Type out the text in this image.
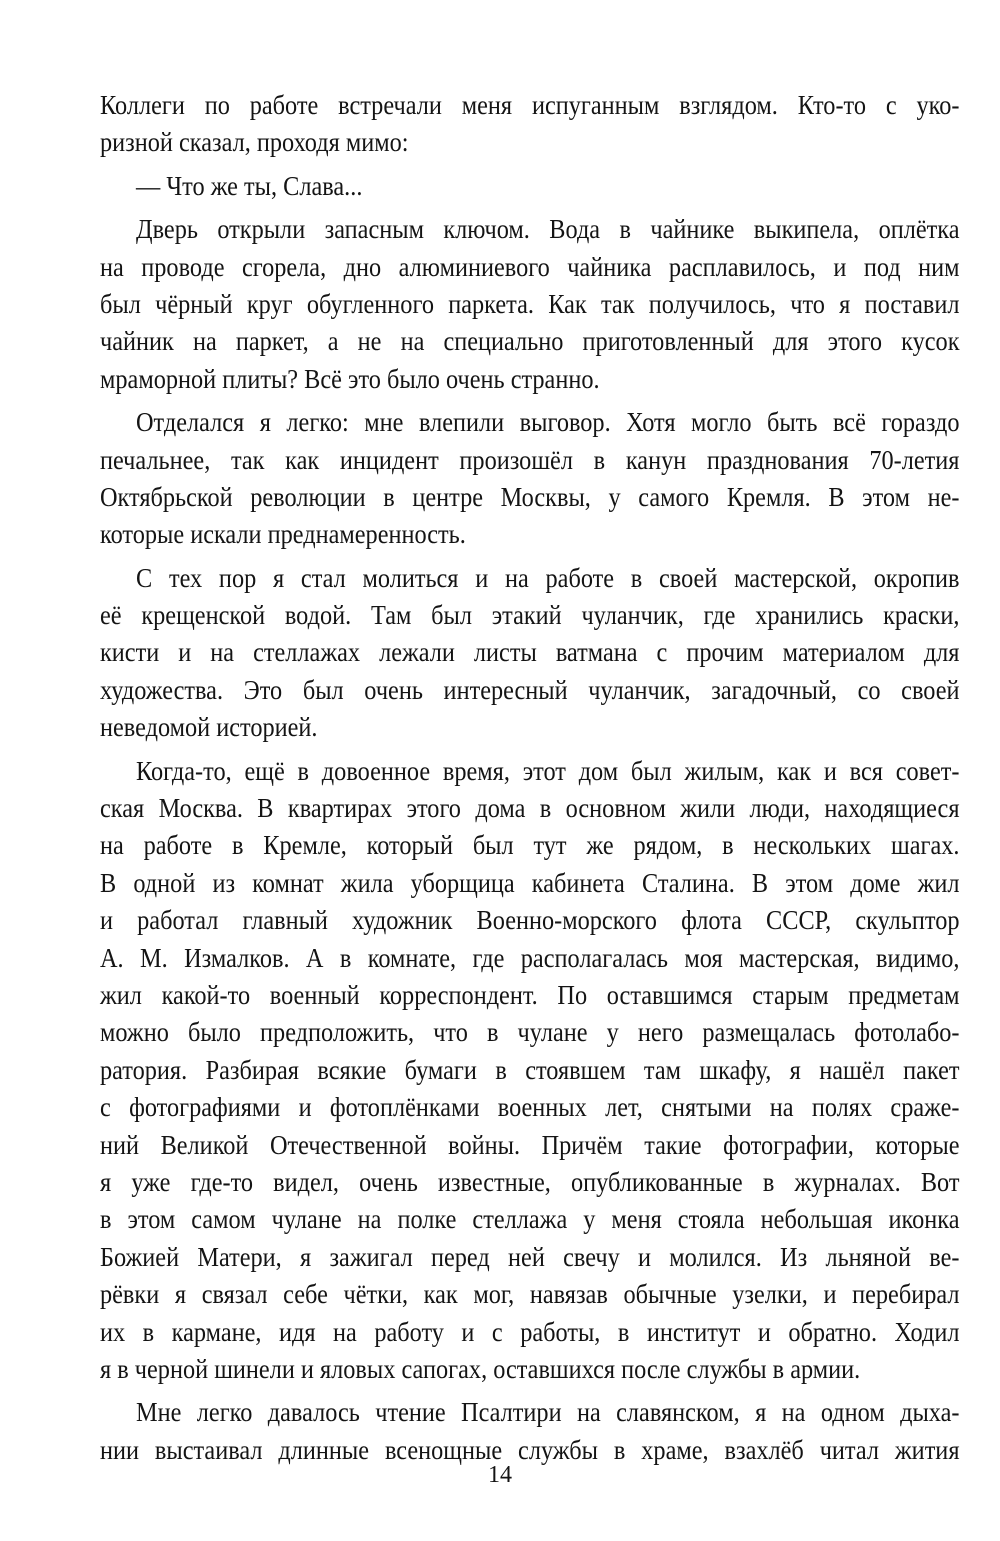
Коллеги по работе встречали меня испуганным взглядом. Кто-то с уко-
ризной сказал, проходя мимо:
— Что же ты, Слава...
Дверь открыли запасным ключом. Вода в чайнике выкипела, оплётка
на проводе сгорела, дно алюминиевого чайника расплавилось, и под ним
был чёрный круг обугленного паркета. Как так получилось, что я поставил
чайник на паркет, а не на специально приготовленный для этого кусок
мраморной плиты? Всё это было очень странно.
Отделался я легко: мне влепили выговор. Хотя могло быть всё гораздо
печальнее, так как инцидент произошёл в канун празднования 70-летия
Октябрьской революции в центре Москвы, у самого Кремля. В этом не-
которые искали преднамеренность.
С тех пор я стал молиться и на работе в своей мастерской, окропив
её крещенской водой. Там был этакий чуланчик, где хранились краски,
кисти и на стеллажах лежали листы ватмана с прочим материалом для
художества. Это был очень интересный чуланчик, загадочный, со своей
неведомой историей.
Когда-то, ещё в довоенное время, этот дом был жилым, как и вся совет-
ская Москва. В квартирах этого дома в основном жили люди, находящиеся
на работе в Кремле, который был тут же рядом, в нескольких шагах.
В одной из комнат жила уборщица кабинета Сталина. В этом доме жил
и работал главный художник Военно-морского флота СССР, скульптор
А. М. Измалков. А в комнате, где располагалась моя мастерская, видимо,
жил какой-то военный корреспондент. По оставшимся старым предметам
можно было предположить, что в чулане у него размещалась фотолабо-
ратория. Разбирая всякие бумаги в стоявшем там шкафу, я нашёл пакет
с фотографиями и фотоплёнками военных лет, снятыми на полях сраже-
ний Великой Отечественной войны. Причём такие фотографии, которые
я уже где-то видел, очень известные, опубликованные в журналах. Вот
в этом самом чулане на полке стеллажа у меня стояла небольшая иконка
Божией Матери, я зажигал перед ней свечу и молился. Из льняной ве-
рёвки я связал себе чётки, как мог, навязав обычные узелки, и перебирал
их в кармане, идя на работу и с работы, в институт и обратно. Ходил
я в черной шинели и яловых сапогах, оставшихся после службы в армии.
Мне легко давалось чтение Псалтири на славянском, я на одном дыха-
нии выстаивал длинные всенощные службы в храме, взахлёб читал жития
14
